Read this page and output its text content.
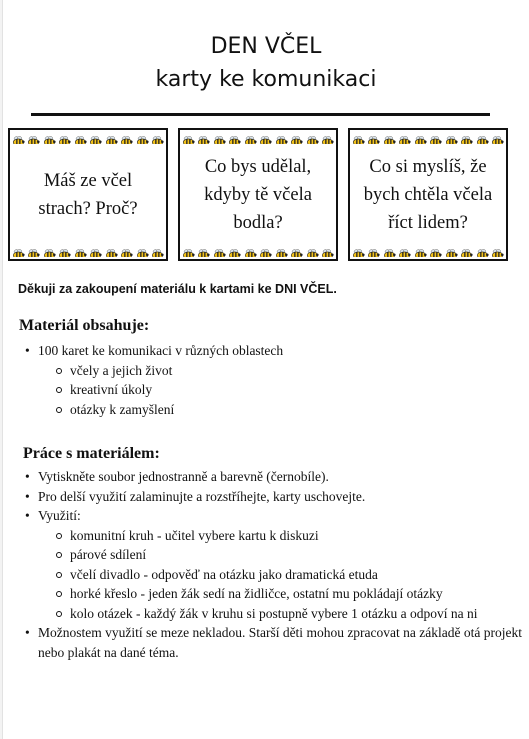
DEN VČEL
karty ke komunikaci
Máš ze včel strach? Proč?
Co bys udělal, kdyby tě včela bodla?
Co si myslíš, že bych chtěla včela říct lidem?

Děkuji za zakoupení materiálu k kartami ke DNI VČEL.

Materiál obsahuje:
• 100 karet ke komunikaci v různých oblastech
včely a jejich život
kreativní úkoly
otázky k zamyšlení
Práce s materiálem:
• Vytiskněte soubor jednostranně a barevně (černobíle).
• Pro delší využití zalaminujte a rozstříhejte, karty uschovejte.
• Využití:
komunitní kruh - učitel vybere kartu k diskuzi
párové sdílení
včelí divadlo - odpověď na otázku jako dramatická etuda
horké křeslo - jeden žák sedí na židličce, ostatní mu pokládají otázky
kolo otázek - každý žák v kruhu si postupně vybere 1 otázku a odpoví na ni
• Možnostem využití se meze nekladou. Starší děti mohou zpracovat na základě otá projekt nebo plakát na dané téma.
